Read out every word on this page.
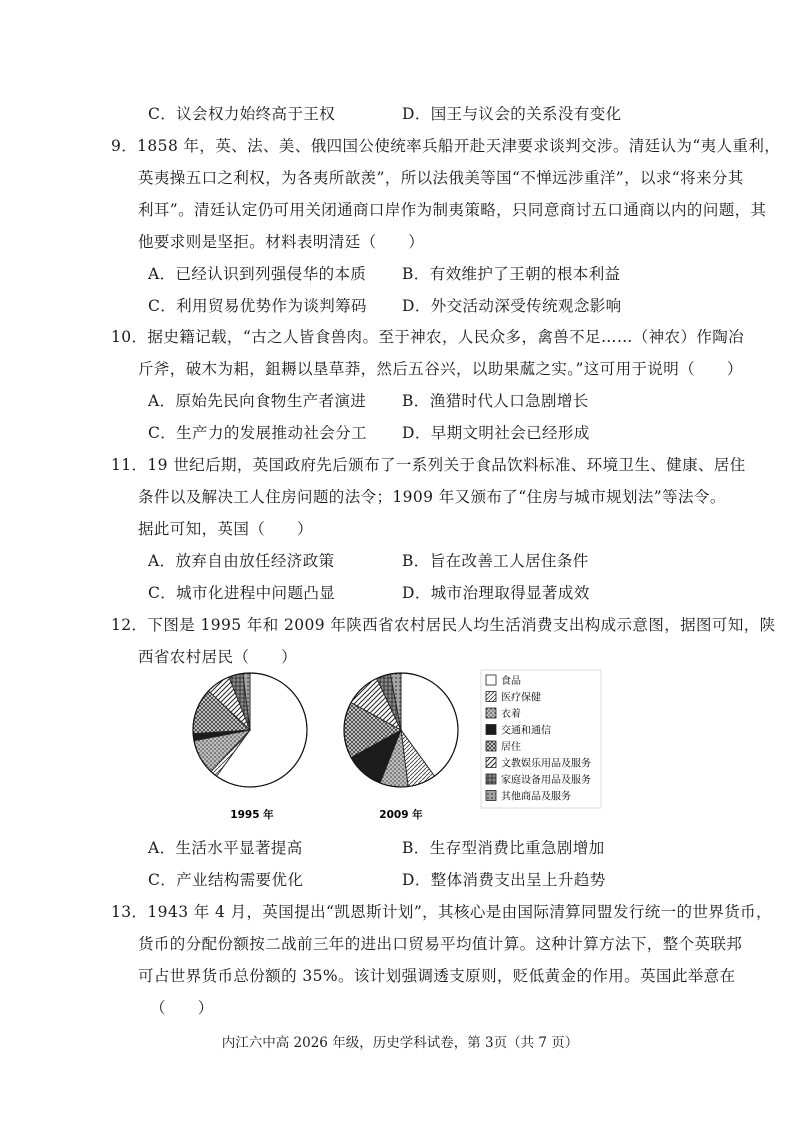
C．议会权力始终高于王权	D．国王与议会的关系没有变化
9．1858 年，英、法、美、俄四国公使统率兵船开赴天津要求谈判交涉。清廷认为“夷人重利，
英夷操五口之利权，为各夷所歆羡”，所以法俄美等国“不惮远涉重洋”，以求“将来分其
利耳”。清廷认定仍可用关闭通商口岸作为制夷策略，只同意商讨五口通商以内的问题，其
他要求则是坚拒。材料表明清廷（　　）
A．已经认识到列强侵华的本质 B．有效维护了王朝的根本利益
C．利用贸易优势作为谈判筹码 D．外交活动深受传统观念影响
10．据史籍记载，“古之人皆食兽肉。至于神农，人民众多，禽兽不足……（神农）作陶冶
斤斧，破木为耜，鉏耨以垦草莽，然后五谷兴，以助果蓏之实。”这可用于说明（　　）
A．原始先民向食物生产者演进 B．渔猎时代人口急剧增长
C．生产力的发展推动社会分工 D．早期文明社会已经形成
11．19 世纪后期，英国政府先后颁布了一系列关于食品饮料标准、环境卫生、健康、居住
条件以及解决工人住房问题的法令；1909 年又颁布了“住房与城市规划法”等法令。
据此可知，英国（　　）
A．放弃自由放任经济政策	B．旨在改善工人居住条件
C．城市化进程中问题凸显	D．城市治理取得显著成效
12．下图是 1995 年和 2009 年陕西省农村居民人均生活消费支出构成示意图，据图可知，陕
西省农村居民（　　）
1995 年	2009 年
食品
医疗保健
衣着
交通和通信
居住
文教娱乐用品及服务
家庭设备用品及服务
其他商品及服务
A．生活水平显著提高	B．生存型消费比重急剧增加
C．产业结构需要优化	D．整体消费支出呈上升趋势
13．1943 年 4 月，英国提出“凯恩斯计划”，其核心是由国际清算同盟发行统一的世界货币，
货币的分配份额按二战前三年的进出口贸易平均值计算。这种计算方法下，整个英联邦
可占世界货币总份额的 35%。该计划强调透支原则，贬低黄金的作用。英国此举意在
（　　）
内江六中高 2026 年级，历史学科试卷，第 3页（共 7 页）
